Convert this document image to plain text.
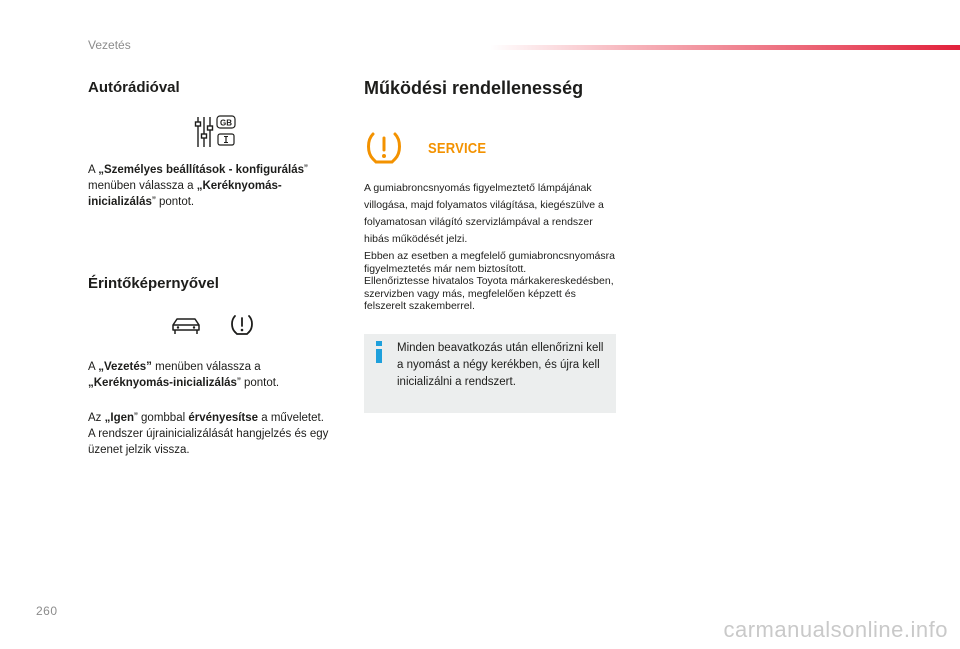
Vezetés
Autórádióval
GB

A „Személyes beállítások - konfigurálás” menüben válassza a „Keréknyomás-inicializálás” pontot.

Érintőképernyővel

A „Vezetés” menüben válassza a „Keréknyomás-inicializálás” pontot.

Az „Igen” gombbal érvényesítse a műveletet.
A rendszer újrainicializálását hangjelzés és egy üzenet jelzik vissza.

Működési rendellenesség
SERVICE

A gumiabroncsnyomás figyelmeztető lámpájának villogása, majd folyamatos világítása, kiegészülve a folyamatosan világító szervizlámpával a rendszer hibás működését jelzi.

Ebben az esetben a megfelelő gumiabroncsnyomásra figyelmeztetés már nem biztosított.
Ellenőriztesse hivatalos Toyota márkakereskedésben, szervizben vagy más, megfelelően képzett és felszerelt szakemberrel.

Minden beavatkozás után ellenőrizni kell a nyomást a négy kerékben, és újra kell inicializálni a rendszert.
260
carmanualsonline.info
